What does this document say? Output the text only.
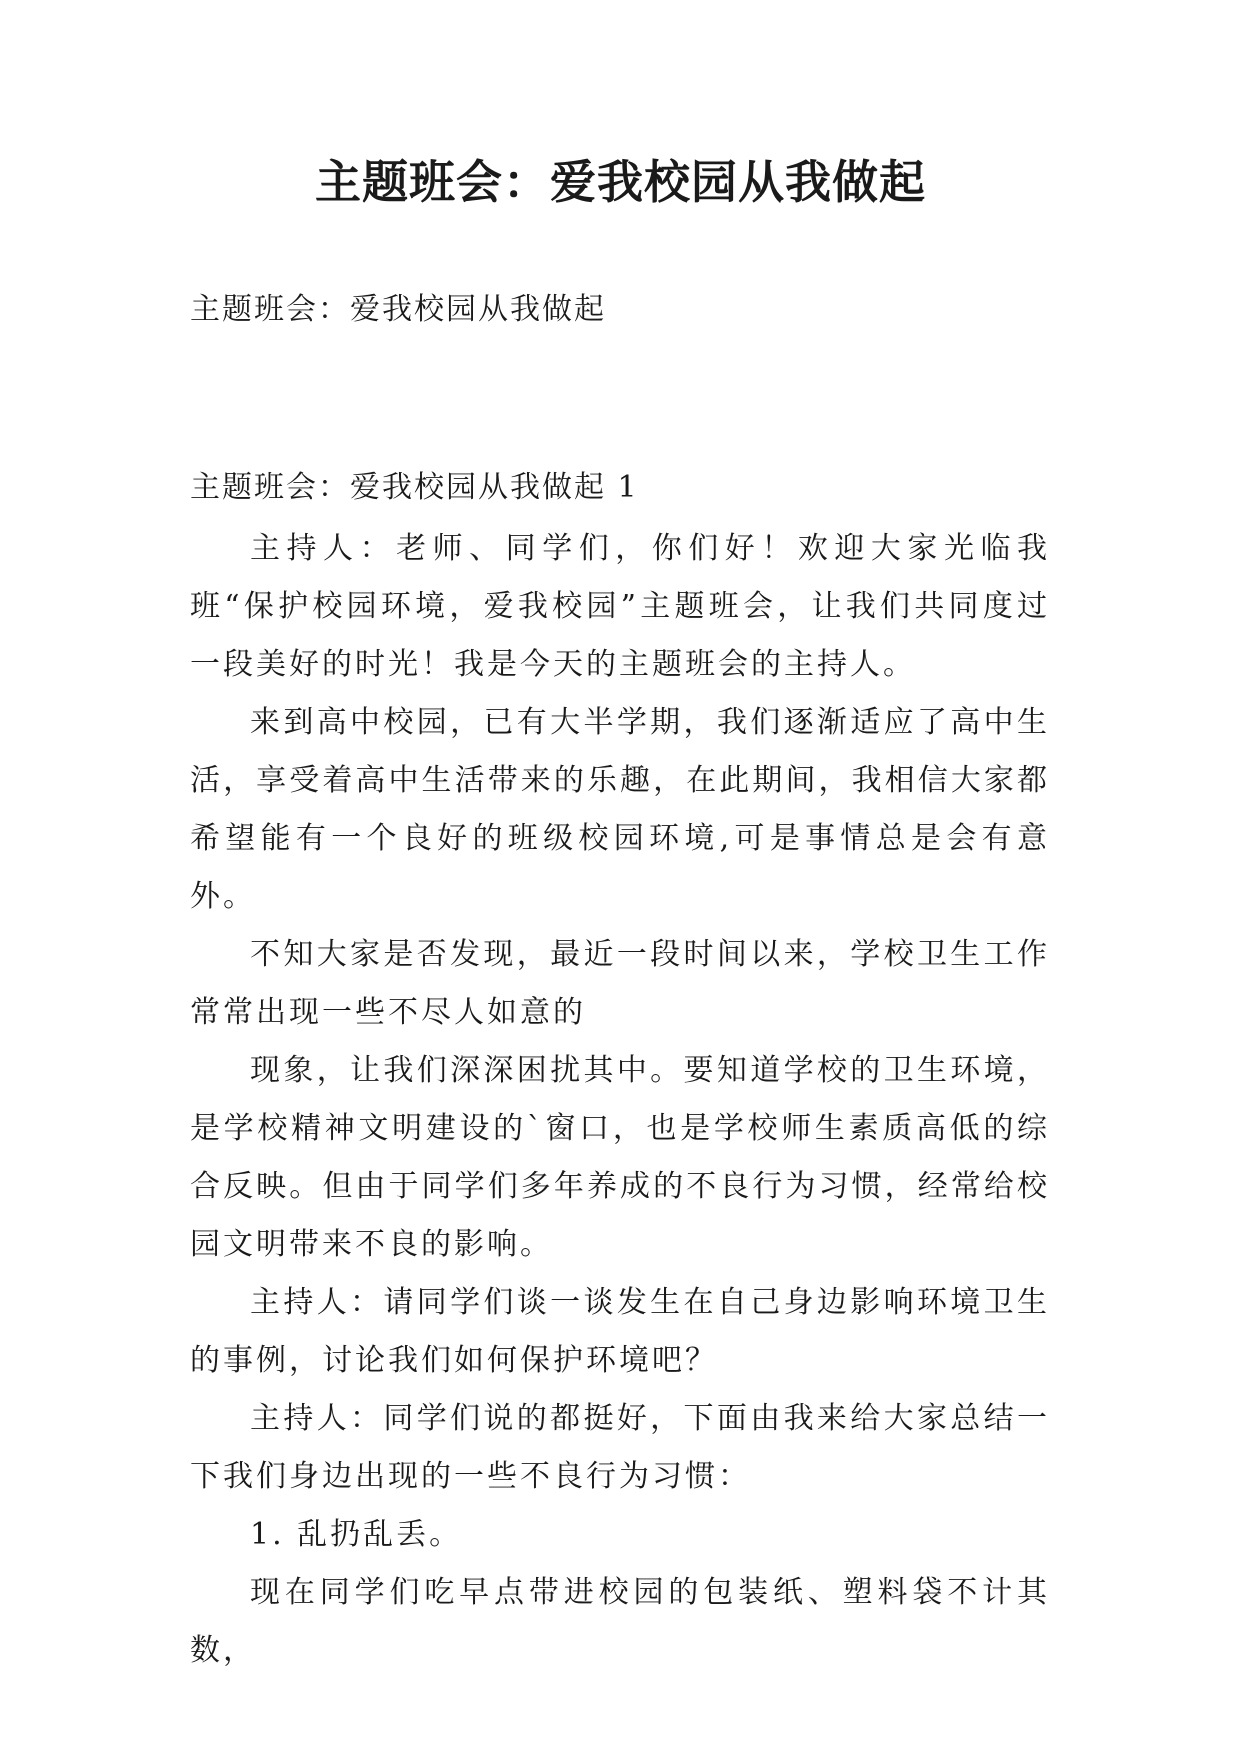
主题班会：爱我校园从我做起
主题班会：爱我校园从我做起
主题班会：爱我校园从我做起 1

主持人：老师、同学们，你们好！欢迎大家光临我班“保护校园环境，爱我校园”主题班会，让我们共同度过一段美好的时光！我是今天的主题班会的主持人。

来到高中校园，已有大半学期，我们逐渐适应了高中生活，享受着高中生活带来的乐趣，在此期间，我相信大家都希望能有一个良好的班级校园环境,可是事情总是会有意外。

不知大家是否发现，最近一段时间以来，学校卫生工作常常出现一些不尽人如意的

现象，让我们深深困扰其中。要知道学校的卫生环境，是学校精神文明建设的`窗口，也是学校师生素质高低的综合反映。但由于同学们多年养成的不良行为习惯，经常给校园文明带来不良的影响。

主持人：请同学们谈一谈发生在自己身边影响环境卫生的事例，讨论我们如何保护环境吧？

主持人：同学们说的都挺好，下面由我来给大家总结一下我们身边出现的一些不良行为习惯：

1. 乱扔乱丢。

现在同学们吃早点带进校园的包装纸、塑料袋不计其数，
